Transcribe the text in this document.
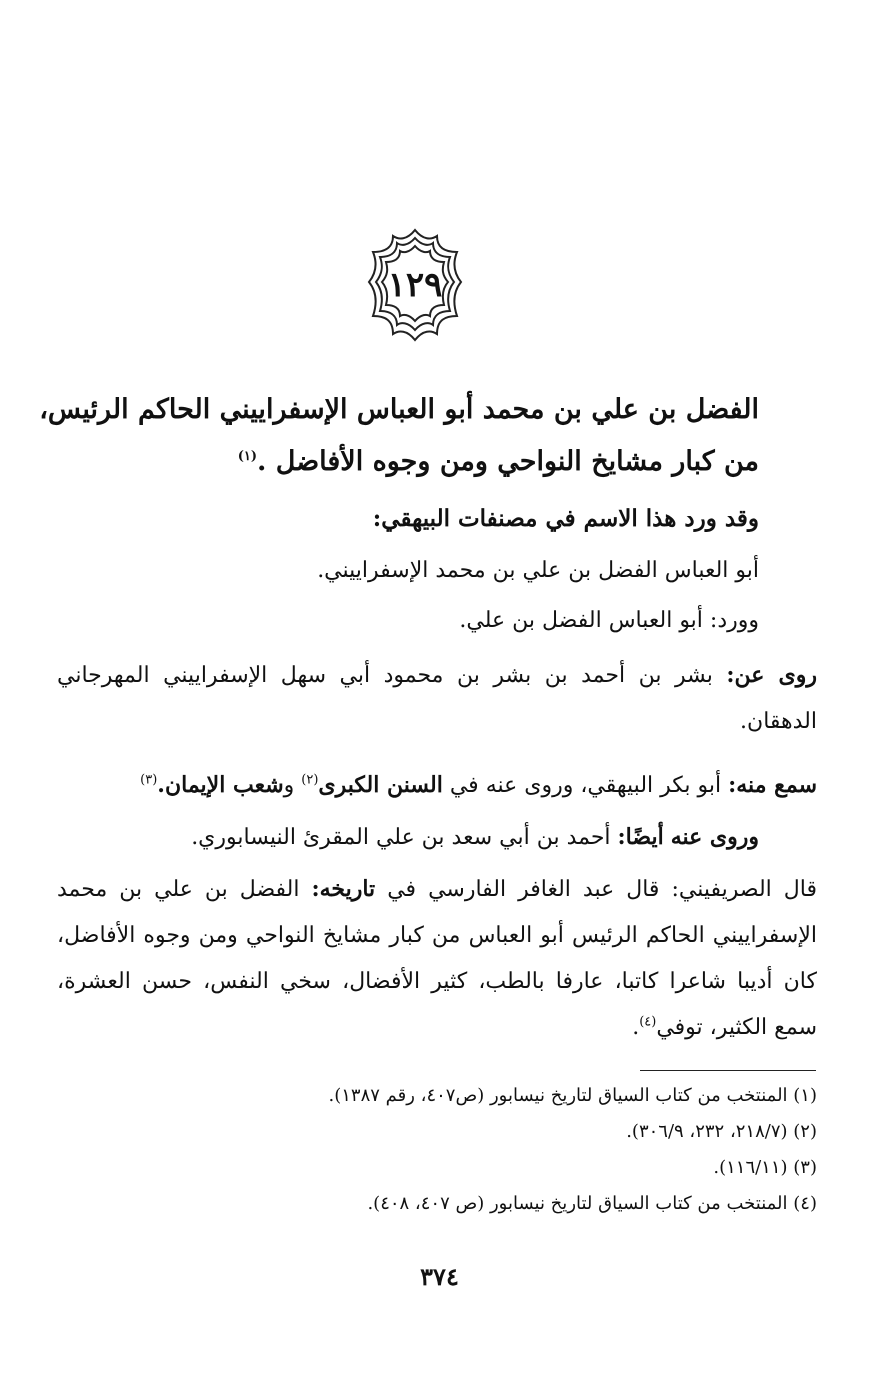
١٢٩
الفضل بن علي بن محمد أبو العباس الإسفراييني الحاكم الرئيس،
من كبار مشايخ النواحي ومن وجوه الأفاضل .$^{(١)}$
وقد ورد هذا الاسم في مصنفات البيهقي:
أبو العباس الفضل بن علي بن محمد الإسفراييني.
وورد: أبو العباس الفضل بن علي.
روى عن: بشر بن أحمد بن بشر بن محمود أبي سهل الإسفراييني المهرجاني الدهقان.
سمع منه: أبو بكر البيهقي، وروى عنه في السنن الكبرى$^{(٢)}$ وشعب الإيمان.$^{(٣)}$
وروى عنه أيضًا: أحمد بن أبي سعد بن علي المقرئ النيسابوري.
قال الصريفيني: قال عبد الغافر الفارسي في تاريخه: الفضل بن علي بن محمد الإسفراييني الحاكم الرئيس أبو العباس من كبار مشايخ النواحي ومن وجوه الأفاضل، كان أديبا شاعرا كاتبا، عارفا بالطب، كثير الأفضال، سخي النفس، حسن العشرة، سمع الكثير، توفي$^{(٤)}$.
(١) المنتخب من كتاب السياق لتاريخ نيسابور (ص٤٠٧، رقم ١٣٨٧).
(٢) (٢١٨/٧، ٢٣٢، ٣٠٦/٩).
(٣) (١١٦/١١).
(٤) المنتخب من كتاب السياق لتاريخ نيسابور (ص ٤٠٧، ٤٠٨).
٣٧٤
